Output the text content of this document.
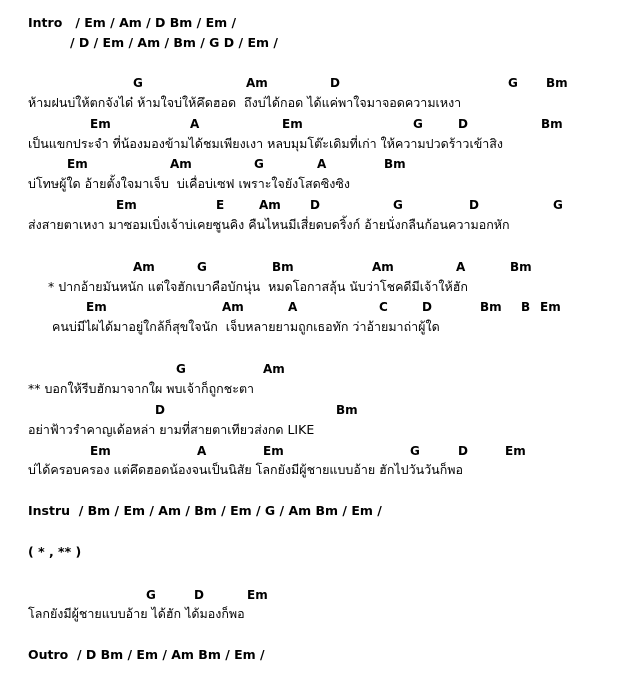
Intro   / Em / Am / D Bm / Em /
/ D / Em / Am / Bm / G D / Em /
G	Am	D	G Bm
ห้ามฝนบ่ให้ตกจังได๋ ห้ามใจบ่ให้คึดฮอด  ถึงบ่ได้กอด ได้แค่พาใจมาจอดความเหงา
Em	A	Em	G	D	Bm
เป็นแขกประจำ ที่น้องมองข้ามได้ชมเพียงเงา หลบมุมโต๊ะเดิมที่เก่า ให้ความปวดร้าวเข้าสิง
Em	Am	G	A	Bm
บ่โทษผู้ใด อ้ายตั้งใจมาเจ็บ  บ่เคื่อบ่เซฟ เพราะใจยังโสดซิงซิง
Em	E	Am D	G	D	G
ส่งสายตาเหงา มาซอมเบิ่งเจ้าบ่เคยซูนคิง คืนไหนมีเสี่ยดบดริ้งก์ อ้ายนั่งกลืนก้อนความอกหัก
Am	G	Bm	Am	A	Bm
* ปากอ้ายมันหนัก แต่ใจฮักเบาคือบักนุ่น  หมดโอกาสลุ้น นับว่าโชคดีมีเจ้าให้ฮัก
Em	Am	A	C	D	Bm B Em
คนบ่มีไผได้มาอยู่ใกล้ก็สุขใจนัก  เจ็บหลายยามถูกเธอทัก ว่าอ้ายมาถ่าผู้ใด
G	Am
** บอกให้รีบฮักมาจากใผ พบเจ้าก็ถูกชะตา
D	Bm
อย่าฟ้าวรำคาญเด้อหล่า ยามที่สายตาเทียวส่งกด LIKE
Em	A	Em	G	D	Em
บ่ได้ครอบครอง แต่คึดฮอดน้องจนเป็นนิสัย โลกยังมีผู้ชายแบบอ้าย ฮักไปวันวันก็พอ
Instru  / Bm / Em / Am / Bm / Em / G / Am Bm / Em /
( * , ** )
G	D	Em
โลกยังมีผู้ชายแบบอ้าย ได้ฮัก ได้มองก็พอ
Outro  / D Bm / Em / Am Bm / Em /
